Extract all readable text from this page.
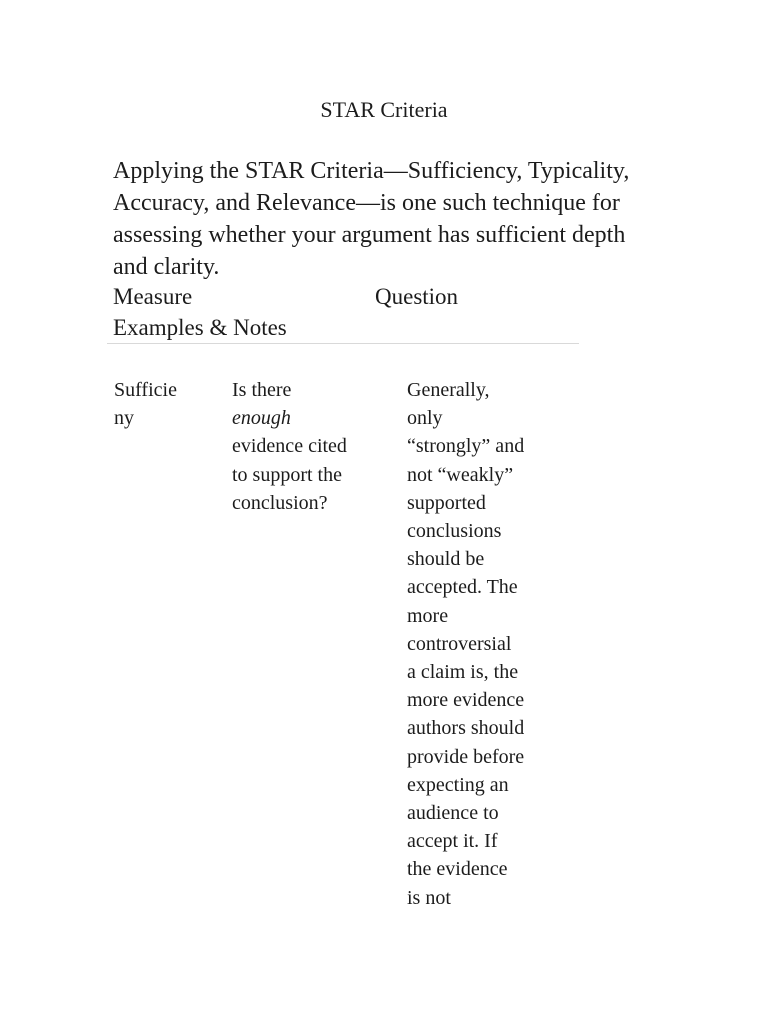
STAR Criteria

Applying the STAR Criteria—Sufficiency, Typicality, Accuracy, and Relevance—is one such technique for assessing whether your argument has sufficient depth and clarity.

Measure	Question
Examples & Notes
Sufficie
ny
Is there
enough
evidence cited
to support the
conclusion?
Generally,
only
“strongly” and
not “weakly”
supported
conclusions
should be
accepted. The
more
controversial
a claim is, the
more evidence
authors should
provide before
expecting an
audience to
accept it. If
the evidence
is not
